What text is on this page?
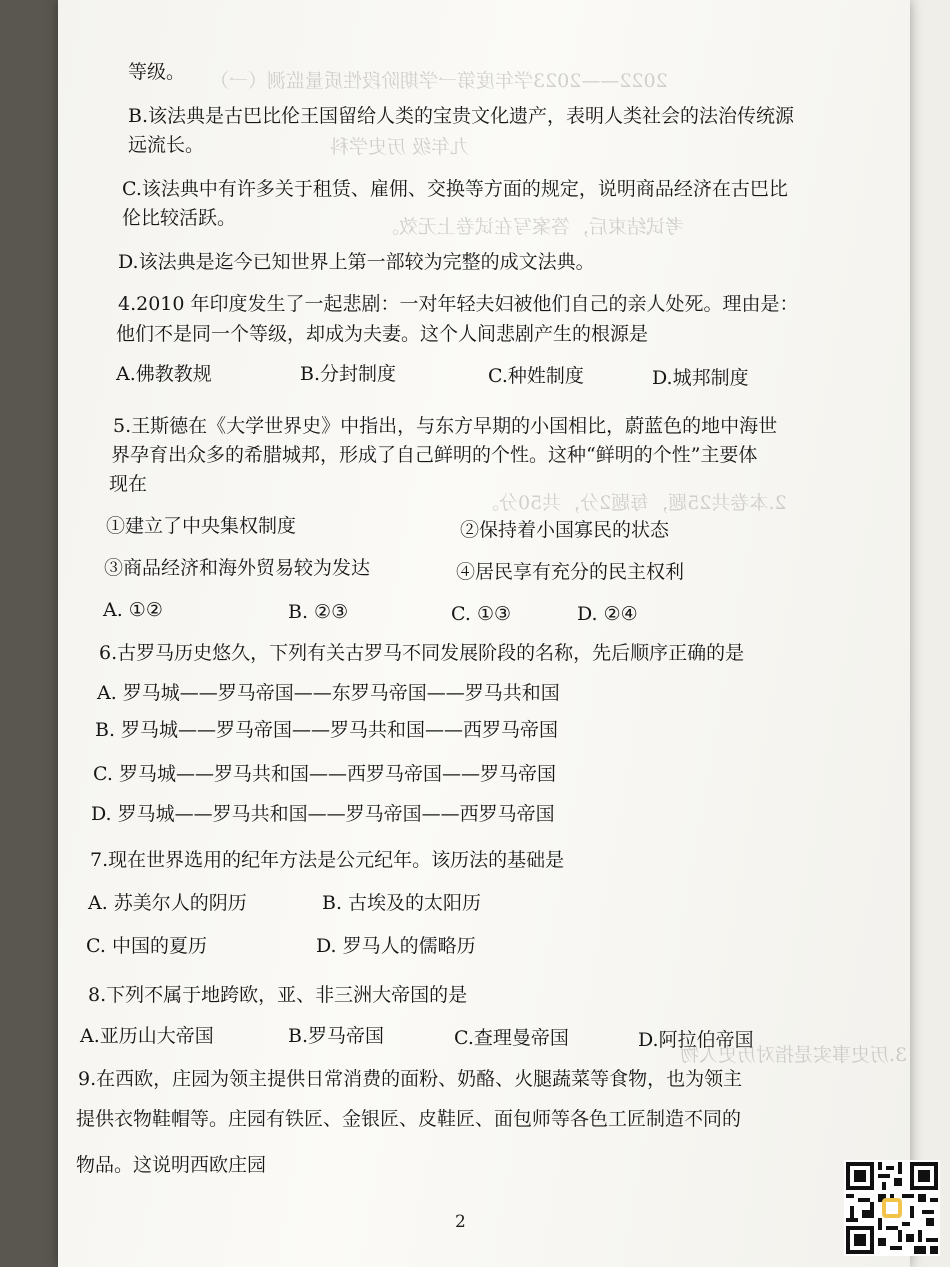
2022——2023学年度第一学期阶段性质量监测（一）
九年级 历史学科
考试结束后，答案写在试卷上无效。
2.本卷共25题，每题2分，共50分。
3.历史事实是指对历史人物
等级。
B.该法典是古巴比伦王国留给人类的宝贵文化遗产，表明人类社会的法治传统源
远流长。
C.该法典中有许多关于租赁、雇佣、交换等方面的规定，说明商品经济在古巴比
伦比较活跃。
D.该法典是迄今已知世界上第一部较为完整的成文法典。
4.2010 年印度发生了一起悲剧：一对年轻夫妇被他们自己的亲人处死。理由是：
他们不是同一个等级，却成为夫妻。这个人间悲剧产生的根源是
5.王斯德在《大学世界史》中指出，与东方早期的小国相比，蔚蓝色的地中海世
界孕育出众多的希腊城邦，形成了自己鲜明的个性。这种“鲜明的个性”主要体
现在
6.古罗马历史悠久，下列有关古罗马不同发展阶段的名称，先后顺序正确的是
A. 罗马城——罗马帝国——东罗马帝国——罗马共和国
B. 罗马城——罗马帝国——罗马共和国——西罗马帝国
C. 罗马城——罗马共和国——西罗马帝国——罗马帝国
D. 罗马城——罗马共和国——罗马帝国——西罗马帝国
7.现在世界选用的纪年方法是公元纪年。该历法的基础是
8.下列不属于地跨欧，亚、非三洲大帝国的是
9.在西欧，庄园为领主提供日常消费的面粉、奶酪、火腿蔬菜等食物，也为领主
提供衣物鞋帽等。庄园有铁匠、金银匠、皮鞋匠、面包师等各色工匠制造不同的
物品。这说明西欧庄园
A.佛教教规	B.分封制度	C.种姓制度	D.城邦制度
①建立了中央集权制度	②保持着小国寡民的状态
③商品经济和海外贸易较为发达	④居民享有充分的民主权利
A. ①②	B. ②③	C. ①③	D. ②④
A. 苏美尔人的阴历	B. 古埃及的太阳历
C. 中国的夏历	D. 罗马人的儒略历
A.亚历山大帝国	B.罗马帝国	C.查理曼帝国	D.阿拉伯帝国
2
